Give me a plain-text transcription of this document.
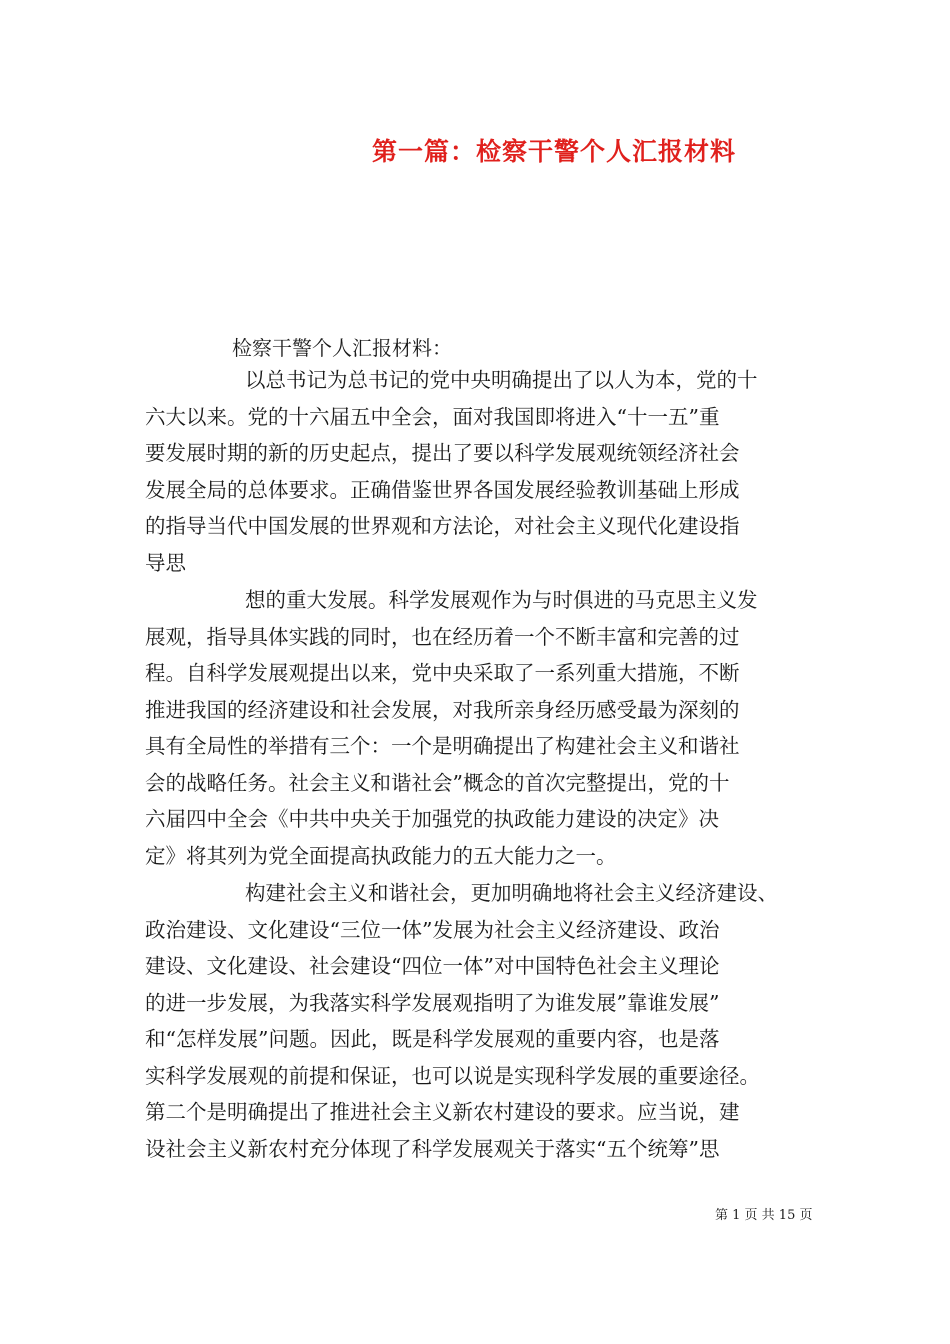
第一篇：检察干警个人汇报材料
检察干警个人汇报材料：
以总书记为总书记的党中央明确提出了以人为本，党的十
六大以来。党的十六届五中全会，面对我国即将进入“十一五”重
要发展时期的新的历史起点，提出了要以科学发展观统领经济社会
发展全局的总体要求。正确借鉴世界各国发展经验教训基础上形成
的指导当代中国发展的世界观和方法论，对社会主义现代化建设指
导思
想的重大发展。科学发展观作为与时俱进的马克思主义发
展观，指导具体实践的同时，也在经历着一个不断丰富和完善的过
程。自科学发展观提出以来，党中央采取了一系列重大措施，不断
推进我国的经济建设和社会发展，对我所亲身经历感受最为深刻的
具有全局性的举措有三个：一个是明确提出了构建社会主义和谐社
会的战略任务。社会主义和谐社会”概念的首次完整提出，党的十
六届四中全会《中共中央关于加强党的执政能力建设的决定》决
定》将其列为党全面提高执政能力的五大能力之一。
构建社会主义和谐社会，更加明确地将社会主义经济建设、
政治建设、文化建设“三位一体”发展为社会主义经济建设、政治
建设、文化建设、社会建设“四位一体”对中国特色社会主义理论
的进一步发展，为我落实科学发展观指明了为谁发展”靠谁发展”
和“怎样发展”问题。因此，既是科学发展观的重要内容，也是落
实科学发展观的前提和保证，也可以说是实现科学发展的重要途径。
第二个是明确提出了推进社会主义新农村建设的要求。应当说，建
设社会主义新农村充分体现了科学发展观关于落实“五个统筹”思
第 1 页 共 15 页
